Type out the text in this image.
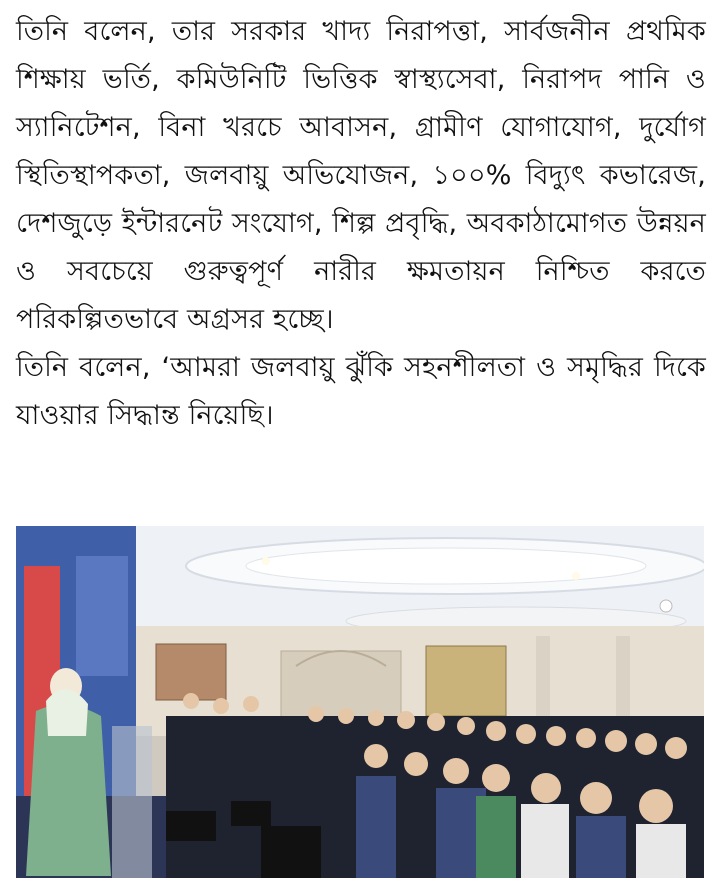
তিনি বলেন, তার সরকার খাদ্য নিরাপত্তা, সার্বজনীন প্রথমিক শিক্ষায় ভর্তি, কমিউনিটি ভিত্তিক স্বাস্থ্যসেবা, নিরাপদ পানি ও স্যানিটেশন, বিনা খরচে আবাসন, গ্রামীণ যোগাযোগ, দুর্যোগ স্থিতিস্থাপকতা, জলবায়ু অভিযোজন, ১০০% বিদ্যুৎ কভারেজ, দেশজুড়ে ইন্টারনেট সংযোগ, শিল্প প্রবৃদ্ধি, অবকাঠামোগত উন্নয়ন ও সবচেয়ে গুরুত্বপূর্ণ নারীর ক্ষমতায়ন নিশ্চিত করতে পরিকল্পিতভাবে অগ্রসর হচ্ছে।

তিনি বলেন, ‘আমরা জলবায়ু ঝুঁকি সহনশীলতা ও সমৃদ্ধির দিকে যাওয়ার সিদ্ধান্ত নিয়েছি।
